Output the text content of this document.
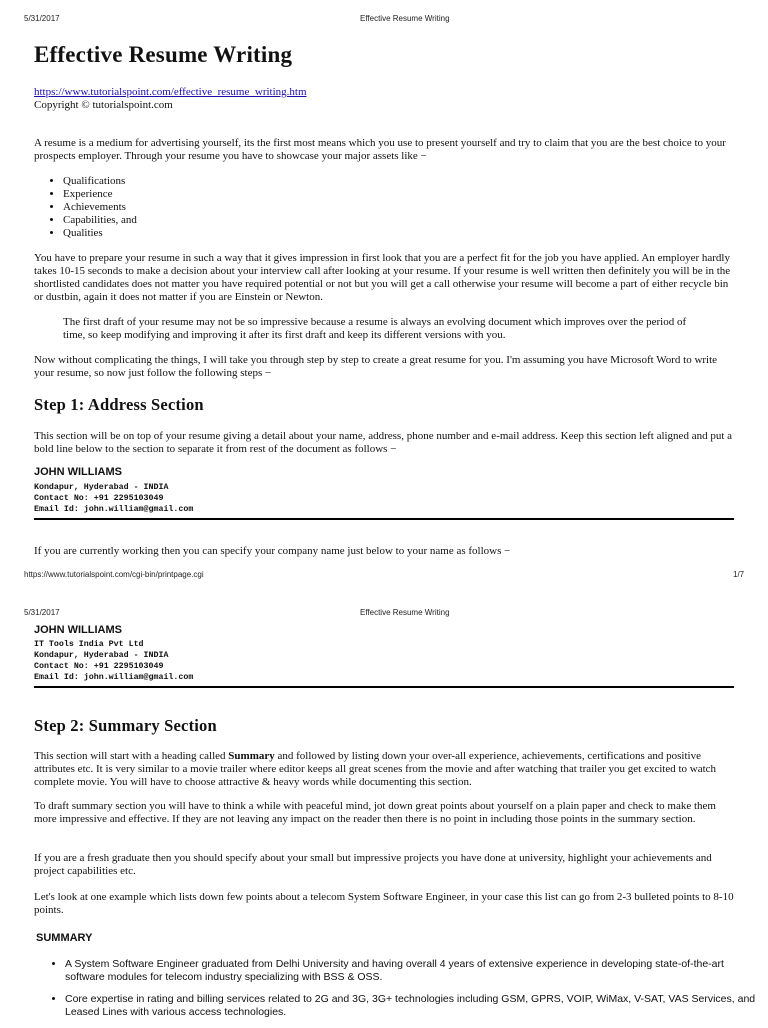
5/31/2017	Effective Resume Writing
Effective Resume Writing
https://www.tutorialspoint.com/effective_resume_writing.htm
Copyright © tutorialspoint.com
A resume is a medium for advertising yourself, its the first most means which you use to present yourself and try to claim that you are the best choice to your prospects employer. Through your resume you have to showcase your major assets like −
• Qualifications
• Experience
• Achievements
• Capabilities, and
• Qualities
You have to prepare your resume in such a way that it gives impression in first look that you are a perfect fit for the job you have applied. An employer hardly takes 10-15 seconds to make a decision about your interview call after looking at your resume. If your resume is well written then definitely you will be in the shortlisted candidates does not matter you have required potential or not but you will get a call otherwise your resume will become a part of either recycle bin or dustbin, again it does not matter if you are Einstein or Newton.
The first draft of your resume may not be so impressive because a resume is always an evolving document which improves over the period of time, so keep modifying and improving it after its first draft and keep its different versions with you.
Now without complicating the things, I will take you through step by step to create a great resume for you. I'm assuming you have Microsoft Word to write your resume, so now just follow the following steps −
Step 1: Address Section
This section will be on top of your resume giving a detail about your name, address, phone number and e-mail address. Keep this section left aligned and put a bold line below to the section to separate it from rest of the document as follows −
JOHN WILLIAMS
Kondapur, Hyderabad - INDIA
Contact No: +91 2295103049
Email Id: john.william@gmail.com
If you are currently working then you can specify your company name just below to your name as follows −
https://www.tutorialspoint.com/cgi-bin/printpage.cgi	1/7
5/31/2017	Effective Resume Writing
JOHN WILLIAMS
IT Tools India Pvt Ltd
Kondapur, Hyderabad - INDIA
Contact No: +91 2295103049
Email Id: john.william@gmail.com
Step 2: Summary Section
This section will start with a heading called Summary and followed by listing down your over-all experience, achievements, certifications and positive attributes etc. It is very similar to a movie trailer where editor keeps all great scenes from the movie and after watching that trailer you get excited to watch complete movie. You will have to choose attractive & heavy words while documenting this section.
To draft summary section you will have to think a while with peaceful mind, jot down great points about yourself on a plain paper and check to make them more impressive and effective. If they are not leaving any impact on the reader then there is no point in including those points in the summary section.
If you are a fresh graduate then you should specify about your small but impressive projects you have done at university, highlight your achievements and project capabilities etc.
Let's look at one example which lists down few points about a telecom System Software Engineer, in your case this list can go from 2-3 bulleted points to 8-10 points.
SUMMARY
• A System Software Engineer graduated from Delhi University and having overall 4 years of extensive experience in developing state-of-the-art software modules for telecom industry specializing with BSS & OSS.
• Core expertise in rating and billing services related to 2G and 3G, 3G+ technologies including GSM, GPRS, VOIP, WiMax, V-SAT, VAS Services, and Leased Lines with various access technologies.
